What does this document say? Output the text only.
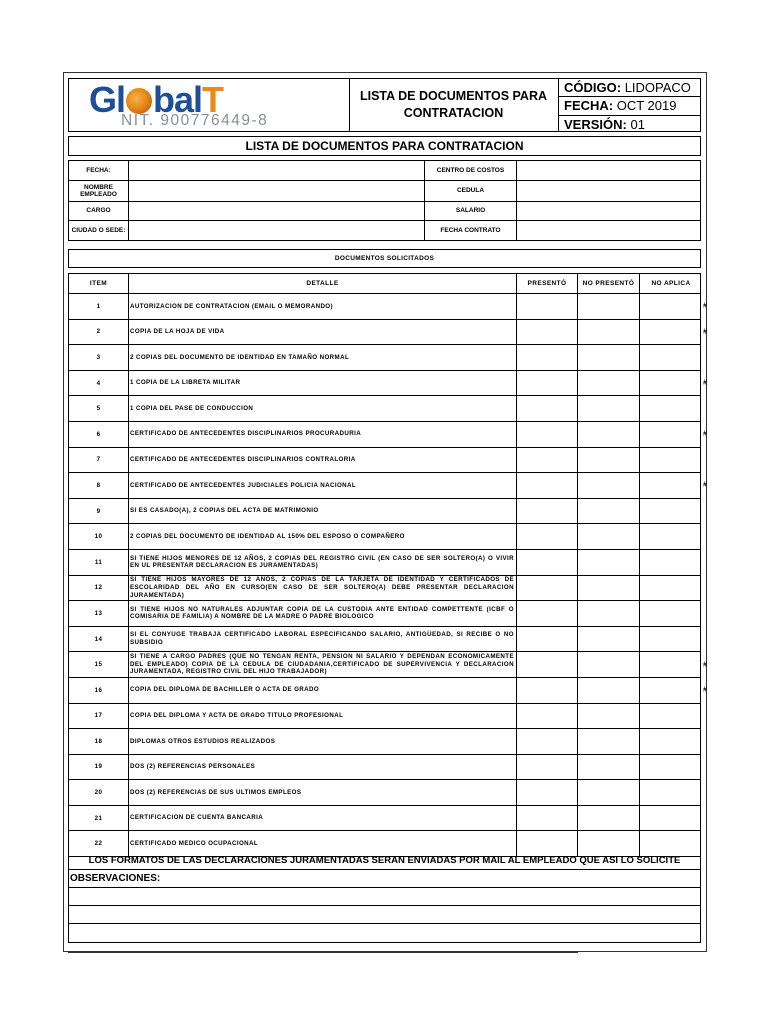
Gl balT
NIT. 900776449-8
LISTA DE DOCUMENTOS PARA CONTRATACION
CÓDIGO: LIDOPACO
FECHA: OCT 2019
VERSIÓN: 01
LISTA DE DOCUMENTOS PARA CONTRATACION
FECHA:	CENTRO DE COSTOS
NOMBRE EMPLEADO	CEDULA
CARGO	SALARIO
CIUDAD O SEDE:	FECHA CONTRATO
DOCUMENTOS SOLICITADOS
ITEM	DETALLE	PRESENTÓ	NO PRESENTÓ	NO APLICA
1	AUTORIZACION DE CONTRATACION (EMAIL O MEMORANDO)	#
2	COPIA DE LA HOJA DE VIDA	#
3	2 COPIAS DEL DOCUMENTO DE IDENTIDAD EN TAMAÑO NORMAL
4	1 COPIA DE LA LIBRETA MILITAR	#
5	1 COPIA DEL PASE DE CONDUCCION
6	CERTIFICADO DE ANTECEDENTES DISCIPLINARIOS PROCURADURIA	#
7	CERTIFICADO DE ANTECEDENTES DISCIPLINARIOS CONTRALORIA
8	CERTIFICADO DE ANTECEDENTES JUDICIALES POLICIA NACIONAL	#
9	SI ES CASADO(A), 2 COPIAS DEL ACTA DE MATRIMONIO
10	2 COPIAS DEL DOCUMENTO DE IDENTIDAD AL 150% DEL ESPOSO O COMPAÑERO
11
SI TIENE HIJOS MENORES DE 12 AÑOS, 2 COPIAS DEL REGISTRO CIVIL (EN CASO DE SER SOLTERO(A) O VIVIR EN UL PRESENTAR DECLARACION ES JURAMENTADAS)
12
SI TIENE HIJOS MAYORES DE 12 AÑOS, 2 COPIAS DE LA TARJETA DE IDENTIDAD Y CERTIFICADOS DE ESCOLARIDAD DEL AÑO EN CURSO(EN CASO DE SER SOLTERO(A) DEBE PRESENTAR DECLARACION JURAMENTADA)
13
SI TIENE HIJOS NO NATURALES ADJUNTAR COPIA DE LA CUSTODIA ANTE ENTIDAD COMPETTENTE (ICBF O COMISARIA DE FAMILIA) A NOMBRE DE LA MADRE O PADRE BIOLOGICO
14
SI EL CONYUGE TRABAJA CERTIFICADO LABORAL ESPECIFICANDO SALARIO, ANTIGÜEDAD, SI RECIBE O NO SUBSIDIO
15
SI TIENE A CARGO PADRES (QUE NO TENGAN RENTA, PENSION NI SALARIO Y DEPENDAN ECONOMICAMENTE DEL EMPLEADO) COPIA DE LA CEDULA DE CIUDADANIA,CERTIFICADO DE SUPERVIVENCIA Y DECLARACION JURAMENTADA, REGISTRO CIVIL DEL HIJO TRABAJADOR)
#
16	COPIA DEL DIPLOMA DE BACHILLER O ACTA DE GRADO	#
17	COPIA DEL DIPLOMA Y ACTA DE GRADO TITULO PROFESIONAL
18	DIPLOMAS OTROS ESTUDIOS REALIZADOS
19	DOS (2) REFERENCIAS PERSONALES
20	DOS (2) REFERENCIAS DE SUS ULTIMOS EMPLEOS
21	CERTIFICACION DE CUENTA BANCARIA
22	CERTIFICADO MEDICO OCUPACIONAL
LOS FORMATOS DE LAS DECLARACIONES JURAMENTADAS SERAN ENVIADAS POR MAIL AL EMPLEADO QUE ASI LO SOLICITE
OBSERVACIONES:
